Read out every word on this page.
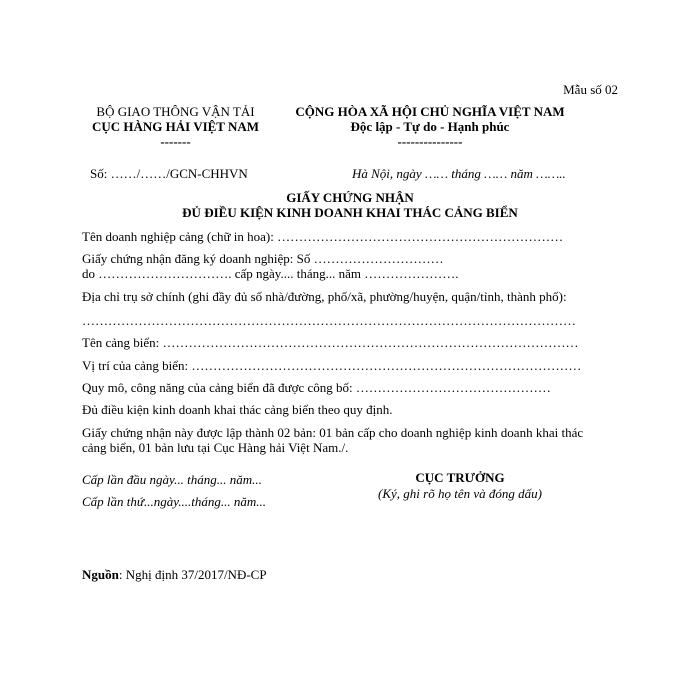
Mẫu số 02
BỘ GIAO THÔNG VẬN TẢI
CỤC HÀNG HẢI VIỆT NAM
-------
CỘNG HÒA XÃ HỘI CHỦ NGHĨA VIỆT NAM
Độc lập - Tự do - Hạnh phúc
---------------
Số: ……/……/GCN-CHHVN	Hà Nội, ngày …… tháng …… năm ……..
GIẤY CHỨNG NHẬN
ĐỦ ĐIỀU KIỆN KINH DOANH KHAI THÁC CẢNG BIỂN
Tên doanh nghiệp cảng (chữ in hoa): …………………………………………………………
Giấy chứng nhận đăng ký doanh nghiệp: Số …………………………
do …………………………. cấp ngày.... tháng... năm ………………….
Địa chỉ trụ sở chính (ghi đầy đủ số nhà/đường, phố/xã, phường/huyện, quận/tỉnh, thành phố):
……………………………………………………………………………………………………
Tên cảng biển: ……………………………………………………………………………………
Vị trí của cảng biển: ………………………………………………………………………………
Quy mô, công năng của cảng biển đã được công bố: ………………………………………
Đủ điều kiện kinh doanh khai thác cảng biển theo quy định.
Giấy chứng nhận này được lập thành 02 bản: 01 bản cấp cho doanh nghiệp kinh doanh khai thác
cảng biển, 01 bản lưu tại Cục Hàng hải Việt Nam./.
Cấp lần đầu ngày... tháng... năm...
Cấp lần thứ...ngày....tháng... năm...
CỤC TRƯỞNG
(Ký, ghi rõ họ tên và đóng dấu)
Nguồn: Nghị định 37/2017/NĐ-CP
